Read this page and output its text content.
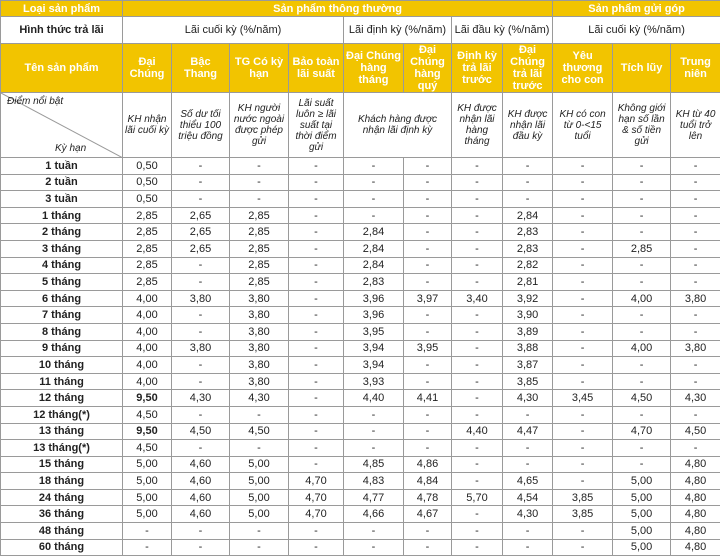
Loại sản phẩm	Sản phẩm thông thường								Sản phẩm gửi góp		
Hình thức trả lãi	Lãi cuối kỳ (%/năm)				Lãi định kỳ (%/năm)		Lãi đầu kỳ (%/năm)		Lãi cuối kỳ (%/năm)		
Tên sản phẩm	Đại Chúng	Bậc Thang	TG Có kỳ hạn	Bảo toàn lãi suất	Đại Chúng hàng tháng	Đại Chúng hàng quý	Định kỳ trả lãi trước	Đại Chúng trả lãi trước	Yêu thương cho con	Tích lũy	Trung niên

Điểm nổi bật
Kỳ hạn	KH nhận lãi cuối kỳ	Số dư tối thiểu 100 triệu đồng	KH người nước ngoài được phép gửi	Lãi suất luôn ≥ lãi suất tại thời điểm gửi	Khách hàng được nhận lãi định kỳ		KH được nhận lãi hàng tháng	KH được nhận lãi đầu kỳ	KH có con từ 0-<15 tuổi	Không giới hạn số lần & số tiền gửi	KH từ 40 tuổi trở lên
1 tuần	0,50	-	-	-	-	-	-	-	-	-	-
2 tuần	0,50	-	-	-	-	-	-	-	-	-	-
3 tuần	0,50	-	-	-	-	-	-	-	-	-	-
1 tháng	2,85	2,65	2,85	-	-	-	-	2,84	-	-	-
2 tháng	2,85	2,65	2,85	-	2,84	-	-	2,83	-	-	-
3 tháng	2,85	2,65	2,85	-	2,84	-	-	2,83	-	2,85	-
4 tháng	2,85	-	2,85	-	2,84	-	-	2,82	-	-	-
5 tháng	2,85	-	2,85	-	2,83	-	-	2,81	-	-	-
6 tháng	4,00	3,80	3,80	-	3,96	3,97	3,40	3,92	-	4,00	3,80
7 tháng	4,00	-	3,80	-	3,96	-	-	3,90	-	-	-
8 tháng	4,00	-	3,80	-	3,95	-	-	3,89	-	-	-
9 tháng	4,00	3,80	3,80	-	3,94	3,95	-	3,88	-	4,00	3,80
10 tháng	4,00	-	3,80	-	3,94	-	-	3,87	-	-	-
11 tháng	4,00	-	3,80	-	3,93	-	-	3,85	-	-	-
12 tháng	9,50	4,30	4,30	-	4,40	4,41	-	4,30	3,45	4,50	4,30
12 tháng(*)	4,50	-	-	-	-	-	-	-	-	-	-
13 tháng	9,50	4,50	4,50	-	-	-	4,40	4,47	-	4,70	4,50
13 tháng(*)	4,50	-	-	-	-	-	-	-	-	-	-
15 tháng	5,00	4,60	5,00	-	4,85	4,86	-	-	-	-	4,80
18 tháng	5,00	4,60	5,00	4,70	4,83	4,84	-	4,65	-	5,00	4,80
24 tháng	5,00	4,60	5,00	4,70	4,77	4,78	5,70	4,54	3,85	5,00	4,80
36 tháng	5,00	4,60	5,00	4,70	4,66	4,67	-	4,30	3,85	5,00	4,80
48 tháng	-	-	-	-	-	-	-	-	-	5,00	4,80
60 tháng	-	-	-	-	-	-	-	-	-	5,00	4,80
